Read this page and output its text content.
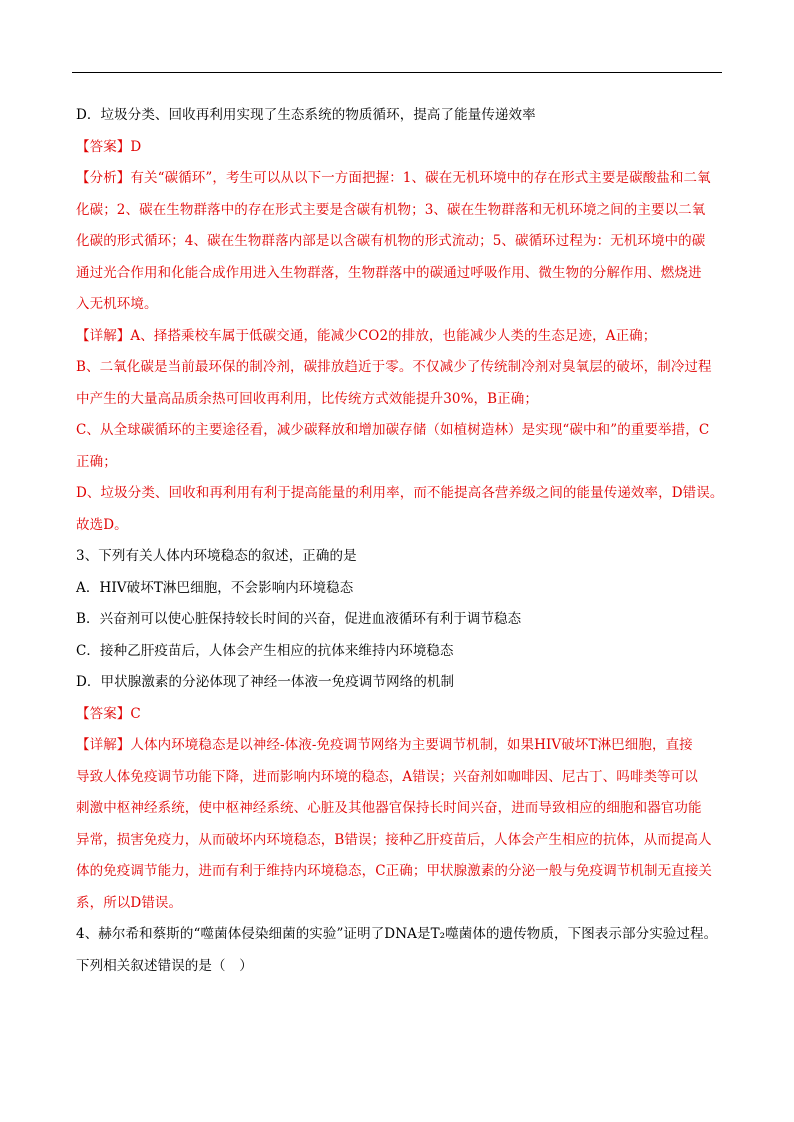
D．垃圾分类、回收再利用实现了生态系统的物质循环，提高了能量传递效率
【答案】D
【分析】有关“碳循环”，考生可以从以下一方面把握：1、碳在无机环境中的存在形式主要是碳酸盐和二氧
化碳；2、碳在生物群落中的存在形式主要是含碳有机物；3、碳在生物群落和无机环境之间的主要以二氧
化碳的形式循环；4、碳在生物群落内部是以含碳有机物的形式流动；5、碳循环过程为：无机环境中的碳
通过光合作用和化能合成作用进入生物群落，生物群落中的碳通过呼吸作用、微生物的分解作用、燃烧进
入无机环境。
【详解】A、择搭乘校车属于低碳交通，能减少CO2的排放，也能减少人类的生态足迹，A正确；
B、二氧化碳是当前最环保的制冷剂，碳排放趋近于零。不仅减少了传统制冷剂对臭氧层的破坏，制冷过程
中产生的大量高品质余热可回收再利用，比传统方式效能提升30%，B正确；
C、从全球碳循环的主要途径看，减少碳释放和增加碳存储（如植树造林）是实现“碳中和”的重要举措，C
正确；
D、垃圾分类、回收和再利用有利于提高能量的利用率，而不能提高各营养级之间的能量传递效率，D错误。
故选D。
3、下列有关人体内环境稳态的叙述，正确的是
A．HIV破坏T淋巴细胞，不会影响内环境稳态
B．兴奋剂可以使心脏保持较长时间的兴奋，促进血液循环有利于调节稳态
C．接种乙肝疫苗后，人体会产生相应的抗体来维持内环境稳态
D．甲状腺激素的分泌体现了神经一体液一免疫调节网络的机制
【答案】C
【详解】人体内环境稳态是以神经-体液-免疫调节网络为主要调节机制，如果HIV破坏T淋巴细胞，直接
导致人体免疫调节功能下降，进而影响内环境的稳态，A错误；兴奋剂如咖啡因、尼古丁、吗啡类等可以
刺激中枢神经系统，使中枢神经系统、心脏及其他器官保持长时间兴奋，进而导致相应的细胞和器官功能
异常，损害免疫力，从而破坏内环境稳态，B错误；接种乙肝疫苗后，人体会产生相应的抗体，从而提高人
体的免疫调节能力，进而有利于维持内环境稳态，C正确；甲状腺激素的分泌一般与免疫调节机制无直接关
系，所以D错误。
4、赫尔希和蔡斯的“噬菌体侵染细菌的实验”证明了DNA是T₂噬菌体的遗传物质，下图表示部分实验过程。
下列相关叙述错误的是（　）
